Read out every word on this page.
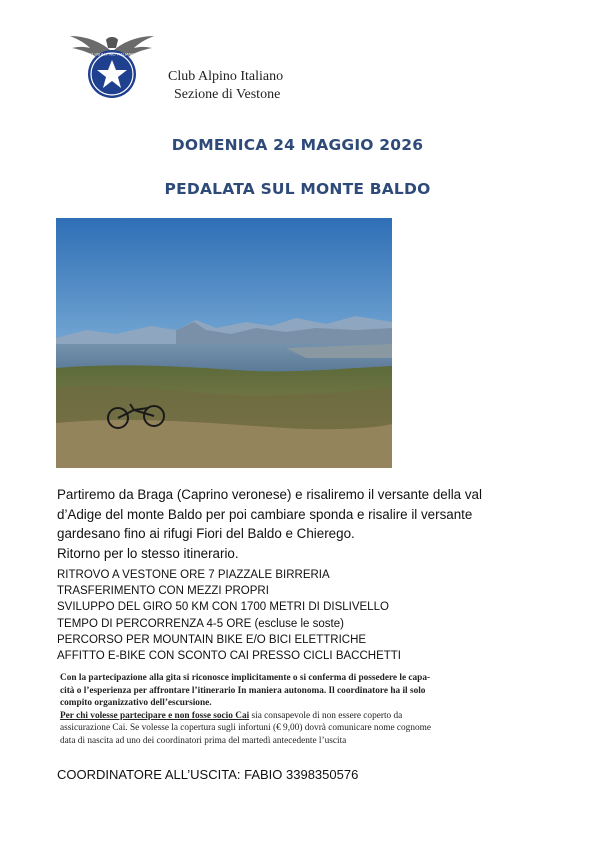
CLUB ALPINO ITALIANO
Club Alpino Italiano
Sezione di Vestone
DOMENICA 24 MAGGIO 2026
PEDALATA SUL MONTE BALDO

Partiremo da Braga (Caprino veronese) e risaliremo il versante della val

d’Adige del monte Baldo per poi cambiare sponda e risalire il versante

gardesano fino ai rifugi Fiori del Baldo e Chierego.

Ritorno per lo stesso itinerario.

RITROVO A VESTONE ORE 7 PIAZZALE BIRRERIA
TRASFERIMENTO CON MEZZI PROPRI
SVILUPPO DEL GIRO 50 KM CON 1700 METRI DI DISLIVELLO
TEMPO DI PERCORRENZA 4-5 ORE (escluse le soste)
PERCORSO PER MOUNTAIN BIKE E/O BICI ELETTRICHE
AFFITTO E-BIKE CON SCONTO CAI PRESSO CICLI BACCHETTI

Con la partecipazione alla gita si riconosce implicitamente o si conferma di possedere le capa-

cità o l’esperienza per affrontare l’itinerario In maniera autonoma. Il coordinatore ha il solo

compito organizzativo dell’escursione.

Per chi volesse partecipare e non fosse socio Cai sia consapevole di non essere coperto da

assicurazione Cai. Se volesse la copertura sugli infortuni (€ 9,00) dovrà comunicare nome cognome

data di nascita ad uno dei coordinatori prima del martedì antecedente l’uscita

COORDINATORE ALL’USCITA: FABIO 3398350576
